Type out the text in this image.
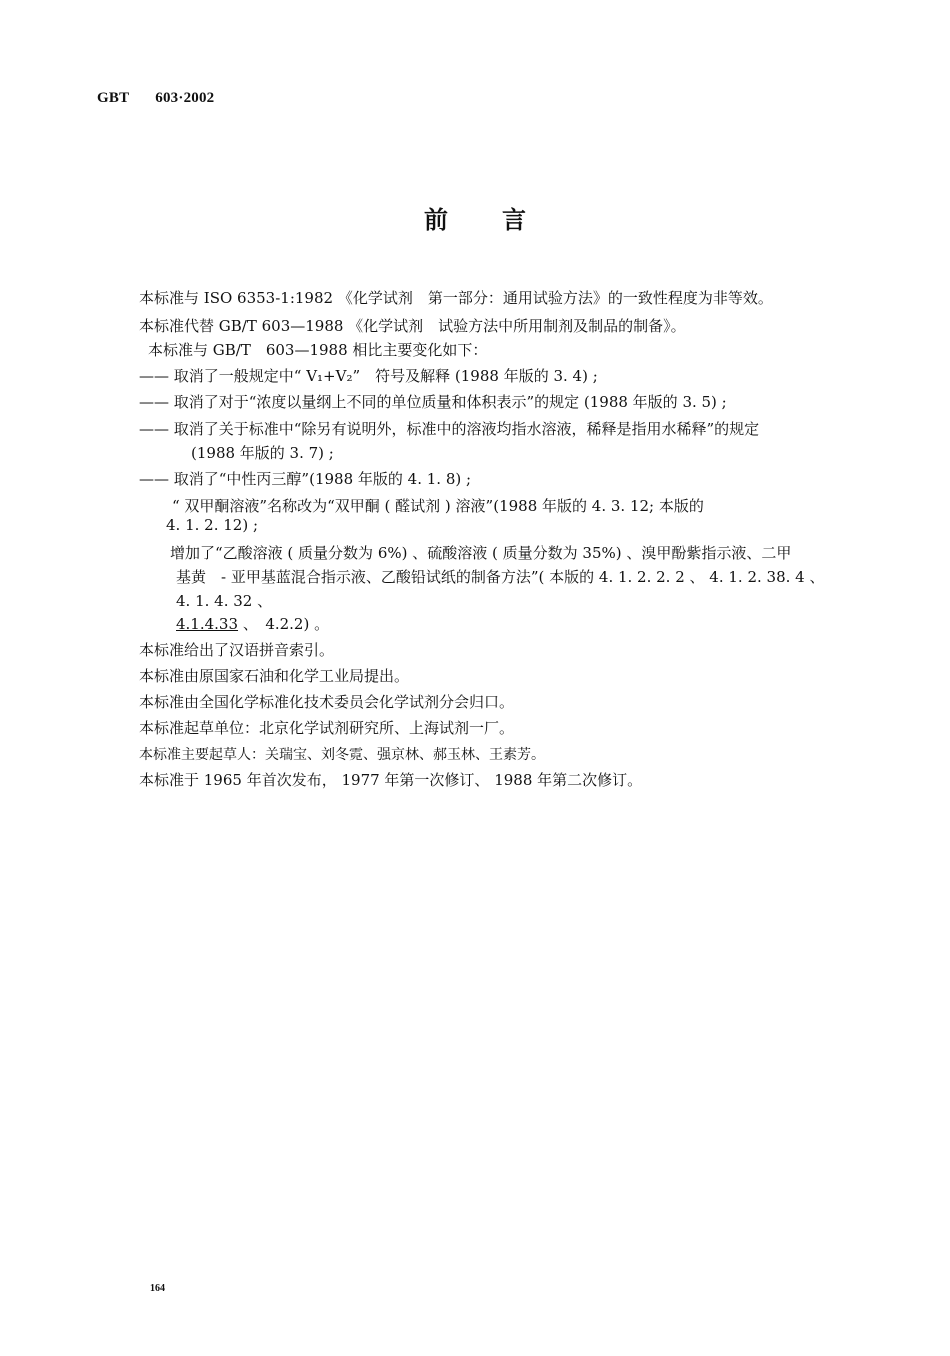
GBT 603·2002
前言
本标准与 ISO 6353-1:1982 《化学试剂　第一部分：通用试验方法》的一致性程度为非等效。
本标准代替 GB/T 603—1988 《化学试剂　试验方法中所用制剂及制品的制备》。
本标准与 GB/T　603—1988 相比主要变化如下：
—— 取消了一般规定中“ V₁+V₂”　符号及解释 (1988 年版的 3. 4) ;
—— 取消了对于“浓度以量纲上不同的单位质量和体积表示”的规定 (1988 年版的 3. 5) ;
—— 取消了关于标准中“除另有说明外，标准中的溶液均指水溶液，稀释是指用水稀释”的规定
(1988 年版的 3. 7) ;
—— 取消了“中性丙三醇”(1988 年版的 4. 1. 8) ;
“ 双甲酮溶液”名称改为“双甲酮 ( 醛试剂 ) 溶液”(1988 年版的 4. 3. 12; 本版的
4. 1. 2. 12) ;
增加了“乙酸溶液 ( 质量分数为 6%) 、硫酸溶液 ( 质量分数为 35%) 、溴甲酚紫指示液、二甲
基黄　- 亚甲基蓝混合指示液、乙酸铅试纸的制备方法”( 本版的 4. 1. 2. 2. 2 、 4. 1. 2. 38. 4 、
4. 1. 4. 32 、
4.1.4.33 、　4.2.2) 。
本标准给出了汉语拼音索引。
本标准由原国家石油和化学工业局提出。
本标准由全国化学标准化技术委员会化学试剂分会归口。
本标准起草单位：北京化学试剂研究所、上海试剂一厂。
本标准主要起草人：关瑞宝、刘冬霓、强京林、郝玉林、王素芳。
本标准于 1965 年首次发布， 1977 年第一次修订、 1988 年第二次修订。
164
